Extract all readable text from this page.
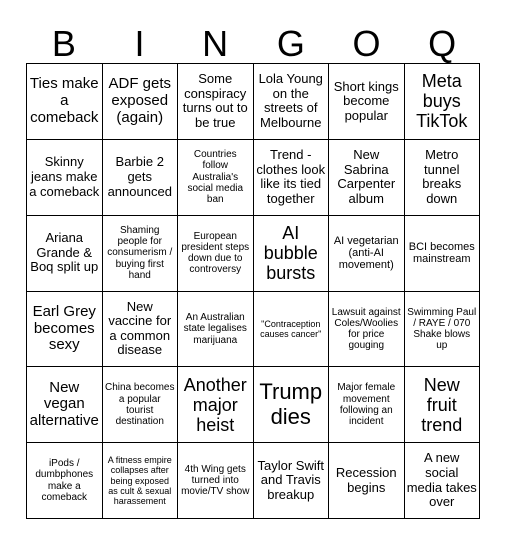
B	I	N	G	O	Q
Ties make a comeback
ADF gets exposed (again)
Some conspiracy turns out to be true
Lola Young on the streets of Melbourne
Short kings become popular
Meta buys TikTok
Skinny jeans make a comeback
Barbie 2 gets announced
Countries follow Australia's social media ban
Trend - clothes look like its tied together
New Sabrina Carpenter album
Metro tunnel breaks down
Ariana Grande & Boq split up
Shaming people for consumerism / buying first hand
European president steps down due to controversy
AI bubble bursts
AI vegetarian (anti-AI movement)
BCI becomes mainstream
Earl Grey becomes sexy
New vaccine for a common disease
An Australian state legalises marijuana
"Contraception causes cancer"
Lawsuit against Coles/Woolies for price gouging
Swimming Paul / RAYE / 070 Shake blows up
New vegan alternative
China becomes a popular tourist destination
Another major heist
Trump dies
Major female movement following an incident
New fruit trend
iPods / dumbphones make a comeback
A fitness empire collapses after being exposed as cult & sexual harassement
4th Wing gets turned into movie/TV show
Taylor Swift and Travis breakup
Recession begins
A new social media takes over
